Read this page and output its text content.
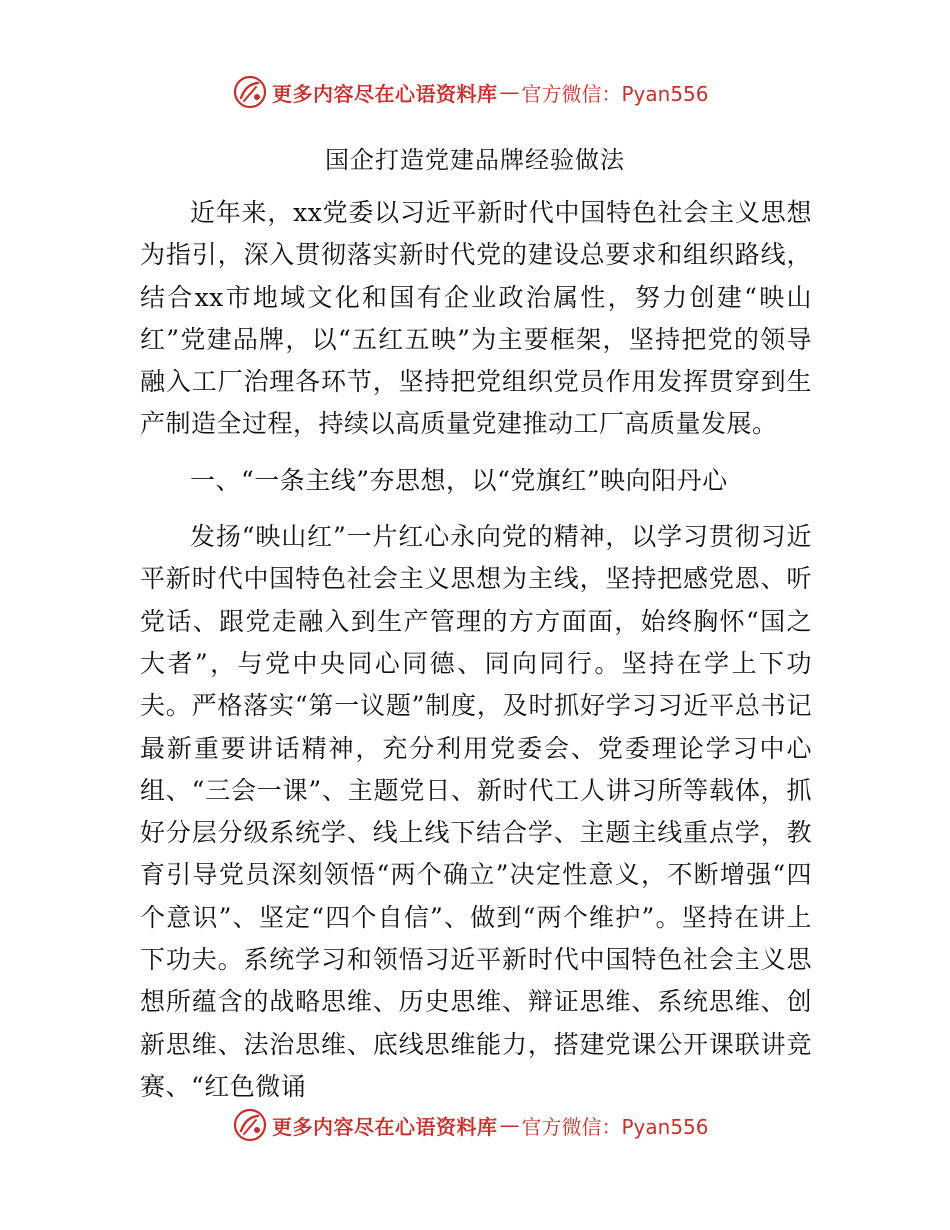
更多内容尽在心语资料库 — 官方微信：Pyan556
国企打造党建品牌经验做法

近年来，xx党委以习近平新时代中国特色社会主义思想为指引，深入贯彻落实新时代党的建设总要求和组织路线，结合xx市地域文化和国有企业政治属性，努力创建“映山红”党建品牌，以“五红五映”为主要框架，坚持把党的领导融入工厂治理各环节，坚持把党组织党员作用发挥贯穿到生产制造全过程，持续以高质量党建推动工厂高质量发展。

一、“一条主线”夯思想，以“党旗红”映向阳丹心

发扬“映山红”一片红心永向党的精神，以学习贯彻习近平新时代中国特色社会主义思想为主线，坚持把感党恩、听党话、跟党走融入到生产管理的方方面面，始终胸怀“国之大者”，与党中央同心同德、同向同行。坚持在学上下功夫。严格落实“第一议题”制度，及时抓好学习习近平总书记最新重要讲话精神，充分利用党委会、党委理论学习中心组、“三会一课”、主题党日、新时代工人讲习所等载体，抓好分层分级系统学、线上线下结合学、主题主线重点学，教育引导党员深刻领悟“两个确立”决定性意义，不断增强“四个意识”、坚定“四个自信”、做到“两个维护”。坚持在讲上下功夫。系统学习和领悟习近平新时代中国特色社会主义思想所蕴含的战略思维、历史思维、辩证思维、系统思维、创新思维、法治思维、底线思维能力，搭建党课公开课联讲竞赛、“红色微诵

更多内容尽在心语资料库 — 官方微信：Pyan556
